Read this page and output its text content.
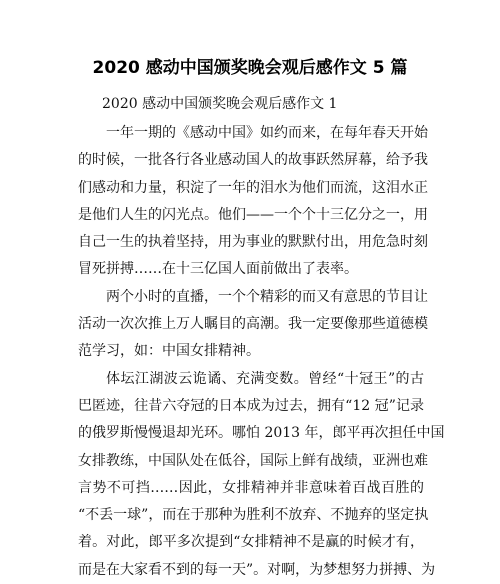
2020 感动中国颁奖晚会观后感作文 5 篇
2020 感动中国颁奖晚会观后感作文 1
一年一期的《感动中国》如约而来，在每年春天开始
的时候，一批各行各业感动国人的故事跃然屏幕，给予我
们感动和力量，积淀了一年的泪水为他们而流，这泪水正
是他们人生的闪光点。他们——一个个十三亿分之一，用
自己一生的执着坚持，用为事业的默默付出，用危急时刻
冒死拼搏……在十三亿国人面前做出了表率。
两个小时的直播，一个个精彩的而又有意思的节目让
活动一次次推上万人瞩目的高潮。我一定要像那些道德模
范学习，如：中国女排精神。
体坛江湖波云诡谲、充满变数。曾经“十冠王”的古
巴匿迹，往昔六夺冠的日本成为过去，拥有“12 冠”记录
的俄罗斯慢慢退却光环。哪怕 2013 年，郎平再次担任中国
女排教练，中国队处在低谷，国际上鲜有战绩，亚洲也难
言势不可挡……因此，女排精神并非意味着百战百胜的
“不丢一球”，而在于那种为胜利不放弃、不抛弃的坚定执
着。对此，郎平多次提到“女排精神不是赢的时候才有，
而是在大家看不到的每一天”。对啊，为梦想努力拼搏、为
